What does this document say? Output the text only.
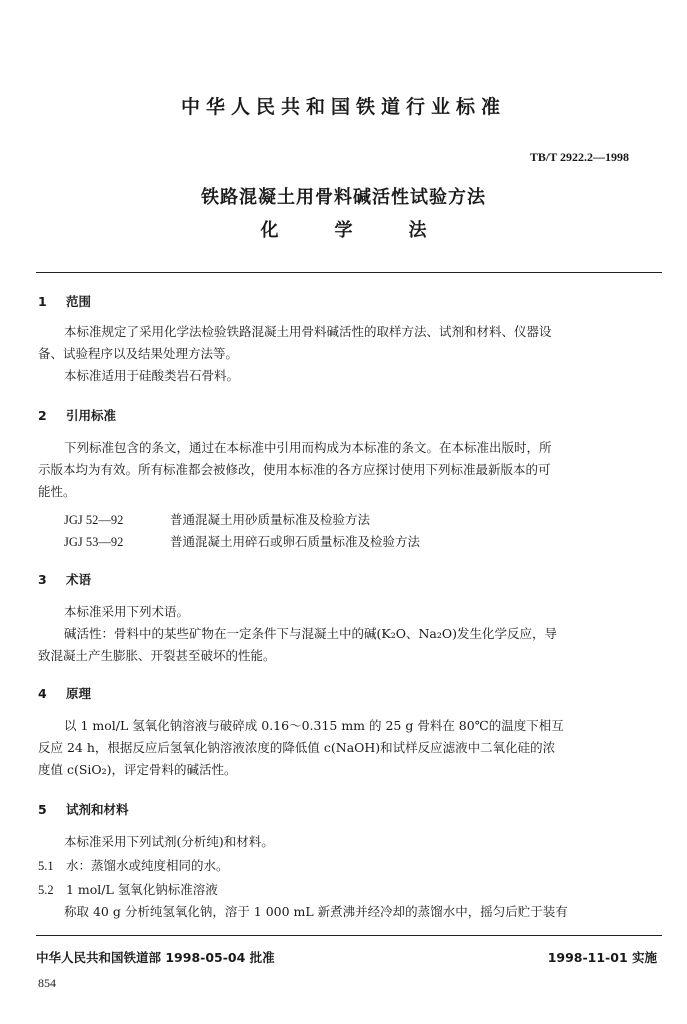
中华人民共和国铁道行业标准
TB/T 2922.2—1998
铁路混凝土用骨料碱活性试验方法
化	学	法
1 范围
本标准规定了采用化学法检验铁路混凝土用骨料碱活性的取样方法、试剂和材料、仪器设
备、试验程序以及结果处理方法等。
本标准适用于硅酸类岩石骨料。
2 引用标准
下列标准包含的条文，通过在本标准中引用而构成为本标准的条文。在本标准出版时，所
示版本均为有效。所有标准都会被修改，使用本标准的各方应探讨使用下列标准最新版本的可
能性。
JGJ 52—92	普通混凝土用砂质量标准及检验方法
JGJ 53—92	普通混凝土用碎石或卵石质量标准及检验方法
3 术语
本标准采用下列术语。
碱活性：骨料中的某些矿物在一定条件下与混凝土中的碱(K₂O、Na₂O)发生化学反应，导
致混凝土产生膨胀、开裂甚至破坏的性能。
4 原理
以 1 mol/L 氢氧化钠溶液与破碎成 0.16～0.315 mm 的 25 g 骨料在 80℃的温度下相互
反应 24 h，根据反应后氢氧化钠溶液浓度的降低值 c(NaOH)和试样反应滤液中二氧化硅的浓
度值 c(SiO₂)，评定骨料的碱活性。
5 试剂和材料
本标准采用下列试剂(分析纯)和材料。
5.1 水：蒸馏水或纯度相同的水。
5.2 1 mol/L 氢氧化钠标准溶液
称取 40 g 分析纯氢氧化钠，溶于 1 000 mL 新煮沸并经冷却的蒸馏水中，摇匀后贮于装有
中华人民共和国铁道部 1998-05-04 批准	1998-11-01 实施
854
